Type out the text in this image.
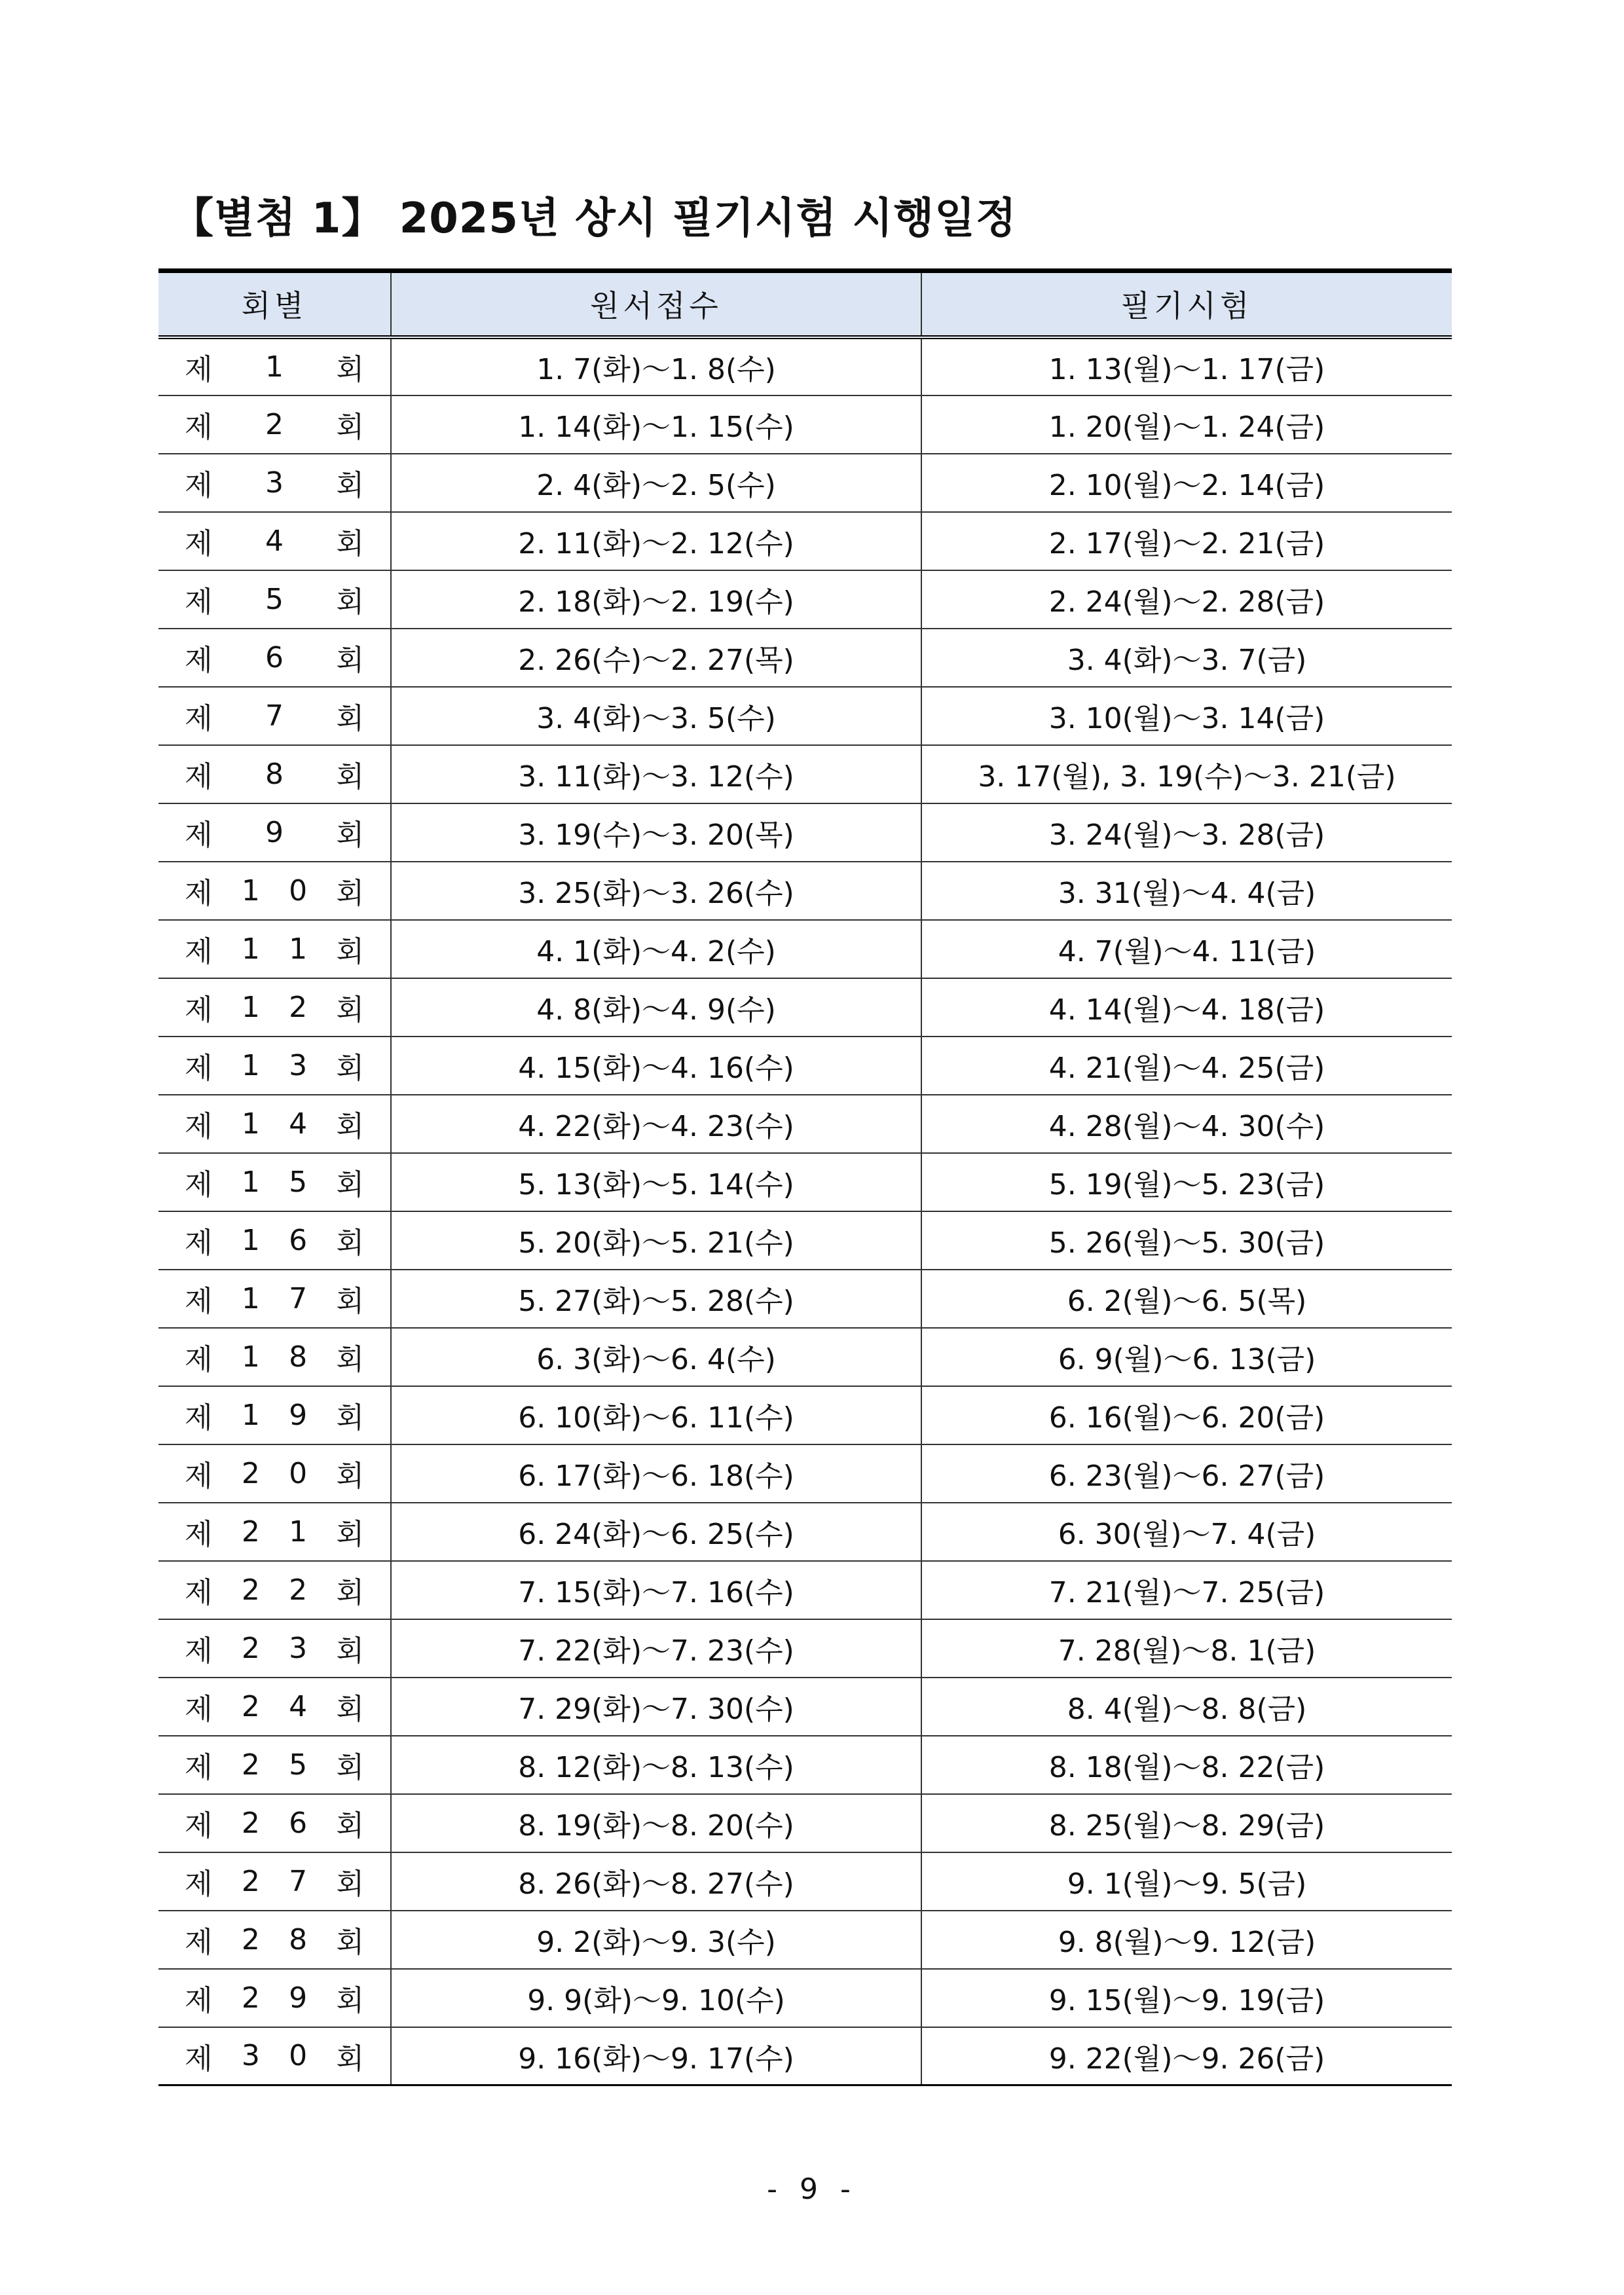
【별첨 1】 2025년 상시 필기시험 시행일정
회별	원서접수	필기시험

제 1 회	1. 7(화)～1. 8(수)	1. 13(월)～1. 17(금)

제 2 회	1. 14(화)～1. 15(수)	1. 20(월)～1. 24(금)

제 3 회	2. 4(화)～2. 5(수)	2. 10(월)～2. 14(금)

제 4 회	2. 11(화)～2. 12(수)	2. 17(월)～2. 21(금)

제 5 회	2. 18(화)～2. 19(수)	2. 24(월)～2. 28(금)

제 6 회	2. 26(수)～2. 27(목)	3. 4(화)～3. 7(금)

제 7 회	3. 4(화)～3. 5(수)	3. 10(월)～3. 14(금)

제 8 회	3. 11(화)～3. 12(수)	3. 17(월), 3. 19(수)～3. 21(금)

제 9 회	3. 19(수)～3. 20(목)	3. 24(월)～3. 28(금)

제 1 0 회	3. 25(화)～3. 26(수)	3. 31(월)～4. 4(금)

제 1 1 회	4. 1(화)～4. 2(수)	4. 7(월)～4. 11(금)

제 1 2 회	4. 8(화)～4. 9(수)	4. 14(월)～4. 18(금)

제 1 3 회	4. 15(화)～4. 16(수)	4. 21(월)～4. 25(금)

제 1 4 회	4. 22(화)～4. 23(수)	4. 28(월)～4. 30(수)

제 1 5 회	5. 13(화)～5. 14(수)	5. 19(월)～5. 23(금)

제 1 6 회	5. 20(화)～5. 21(수)	5. 26(월)～5. 30(금)

제 1 7 회	5. 27(화)～5. 28(수)	6. 2(월)～6. 5(목)

제 1 8 회	6. 3(화)～6. 4(수)	6. 9(월)～6. 13(금)

제 1 9 회	6. 10(화)～6. 11(수)	6. 16(월)～6. 20(금)

제 2 0 회	6. 17(화)～6. 18(수)	6. 23(월)～6. 27(금)

제 2 1 회	6. 24(화)～6. 25(수)	6. 30(월)～7. 4(금)

제 2 2 회	7. 15(화)～7. 16(수)	7. 21(월)～7. 25(금)

제 2 3 회	7. 22(화)～7. 23(수)	7. 28(월)～8. 1(금)

제 2 4 회	7. 29(화)～7. 30(수)	8. 4(월)～8. 8(금)

제 2 5 회	8. 12(화)～8. 13(수)	8. 18(월)～8. 22(금)

제 2 6 회	8. 19(화)～8. 20(수)	8. 25(월)～8. 29(금)

제 2 7 회	8. 26(화)～8. 27(수)	9. 1(월)～9. 5(금)

제 2 8 회	9. 2(화)～9. 3(수)	9. 8(월)～9. 12(금)

제 2 9 회	9. 9(화)～9. 10(수)	9. 15(월)～9. 19(금)

제 3 0 회	9. 16(화)～9. 17(수)	9. 22(월)～9. 26(금)
- 9 -
